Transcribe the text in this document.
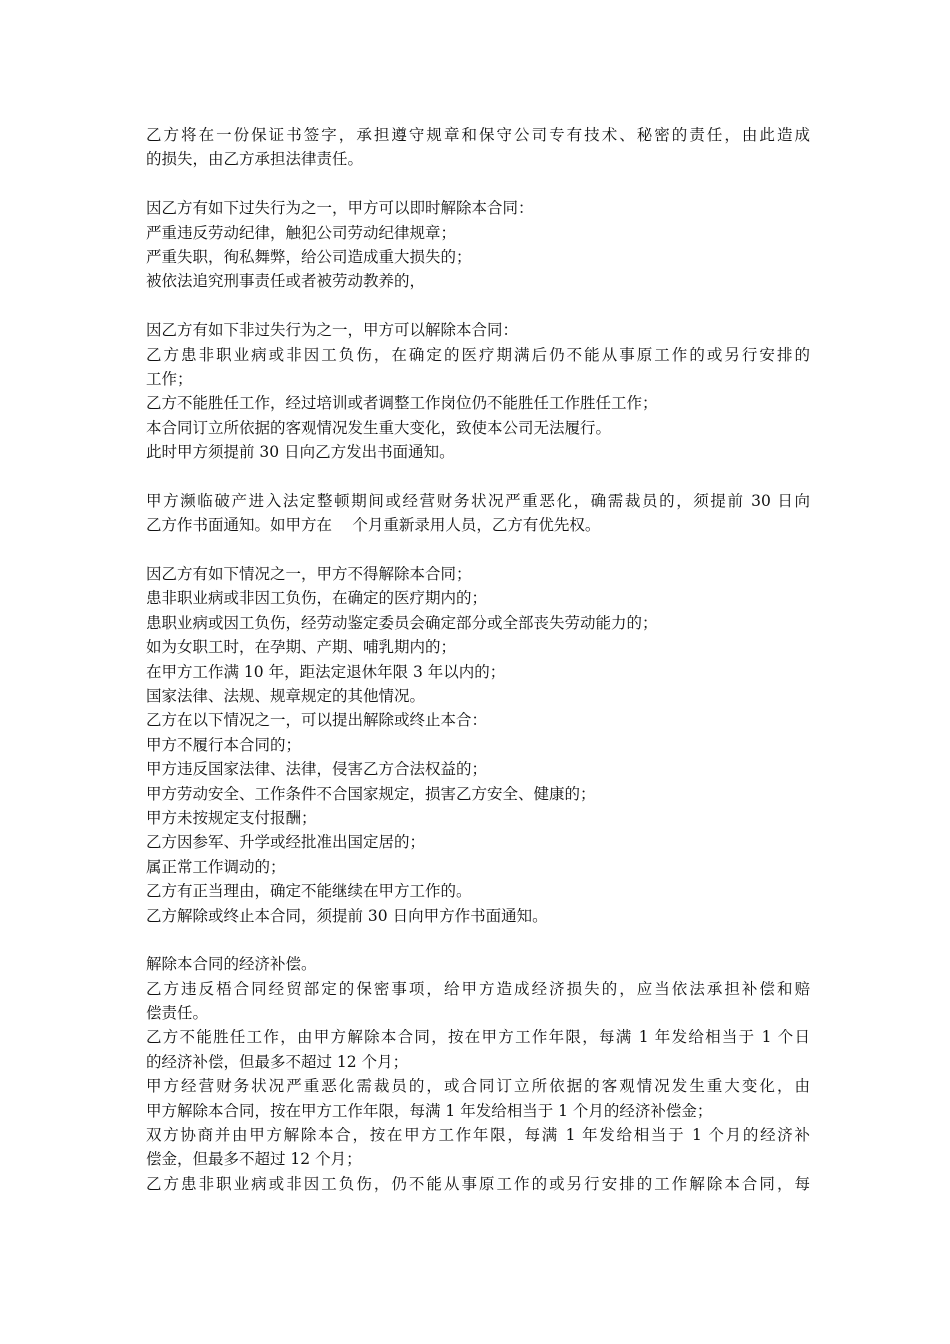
乙方将在一份保证书签字，承担遵守规章和保守公司专有技术、秘密的责任，由此造成
的损失，由乙方承担法律责任。
因乙方有如下过失行为之一，甲方可以即时解除本合同：
严重违反劳动纪律，触犯公司劳动纪律规章；
严重失职，徇私舞弊，给公司造成重大损失的；
被依法追究刑事责任或者被劳动教养的，
因乙方有如下非过失行为之一，甲方可以解除本合同：
乙方患非职业病或非因工负伤，在确定的医疗期满后仍不能从事原工作的或另行安排的
工作；
乙方不能胜任工作，经过培训或者调整工作岗位仍不能胜任工作胜任工作；
本合同订立所依据的客观情况发生重大变化，致使本公司无法履行。
此时甲方须提前 30 日向乙方发出书面通知。
甲方濒临破产进入法定整顿期间或经营财务状况严重恶化，确需裁员的，须提前 30 日向
乙方作书面通知。如甲方在　 个月重新录用人员，乙方有优先权。
因乙方有如下情况之一，甲方不得解除本合同；
患非职业病或非因工负伤，在确定的医疗期内的；
患职业病或因工负伤，经劳动鉴定委员会确定部分或全部丧失劳动能力的；
如为女职工时，在孕期、产期、哺乳期内的；
在甲方工作满 10 年，距法定退休年限 3 年以内的；
国家法律、法规、规章规定的其他情况。
乙方在以下情况之一，可以提出解除或终止本合：
甲方不履行本合同的；
甲方违反国家法律、法律，侵害乙方合法权益的；
甲方劳动安全、工作条件不合国家规定，损害乙方安全、健康的；
甲方未按规定支付报酬；
乙方因参军、升学或经批准出国定居的；
属正常工作调动的；
乙方有正当理由，确定不能继续在甲方工作的。
乙方解除或终止本合同，须提前 30 日向甲方作书面通知。
解除本合同的经济补偿。
乙方违反梧合同经贸部定的保密事项，给甲方造成经济损失的，应当依法承担补偿和赔
偿责任。
乙方不能胜任工作，由甲方解除本合同，按在甲方工作年限，每满 1 年发给相当于 1 个日
的经济补偿，但最多不超过 12 个月；
甲方经营财务状况严重恶化需裁员的，或合同订立所依据的客观情况发生重大变化，由
甲方解除本合同，按在甲方工作年限，每满 1 年发给相当于 1 个月的经济补偿金；
双方协商并由甲方解除本合，按在甲方工作年限，每满 1 年发给相当于 1 个月的经济补
偿金，但最多不超过 12 个月；
乙方患非职业病或非因工负伤，仍不能从事原工作的或另行安排的工作解除本合同，每
